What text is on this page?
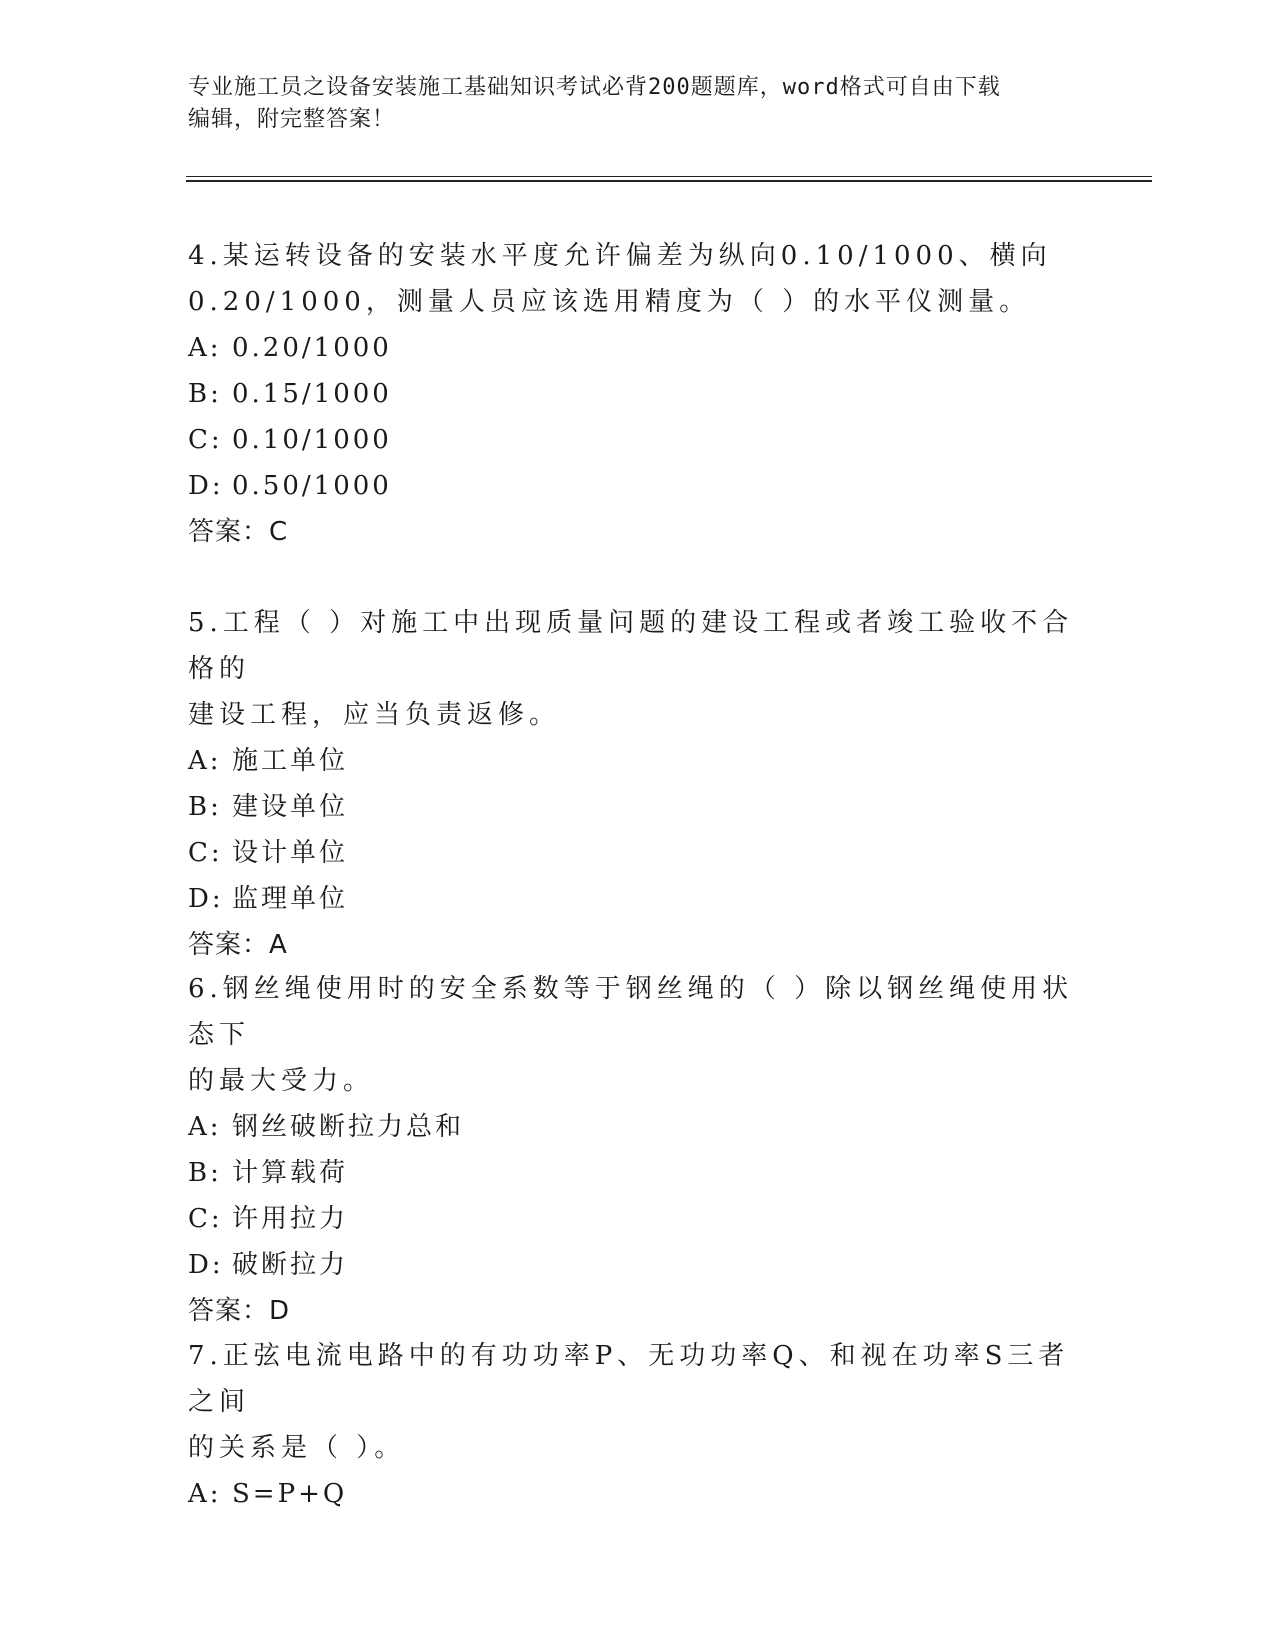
专业施工员之设备安装施工基础知识考试必背200题题库，word格式可自由下载
编辑，附完整答案！

4.某运转设备的安装水平度允许偏差为纵向0.10/1000、横向
0.20/1000，测量人员应该选用精度为（ ）的水平仪测量。

A: 0.20/1000
B: 0.15/1000
C: 0.10/1000
D: 0.50/1000
答案：C

5.工程（ ）对施工中出现质量问题的建设工程或者竣工验收不合格的
建设工程，应当负责返修。

A: 施工单位
B: 建设单位
C: 设计单位
D: 监理单位
答案：A

6.钢丝绳使用时的安全系数等于钢丝绳的（ ）除以钢丝绳使用状态下
的最大受力。

A: 钢丝破断拉力总和
B: 计算载荷
C: 许用拉力
D: 破断拉力
答案：D

7.正弦电流电路中的有功功率P、无功功率Q、和视在功率S三者之间
的关系是（ ）。

A: S=P+Q
